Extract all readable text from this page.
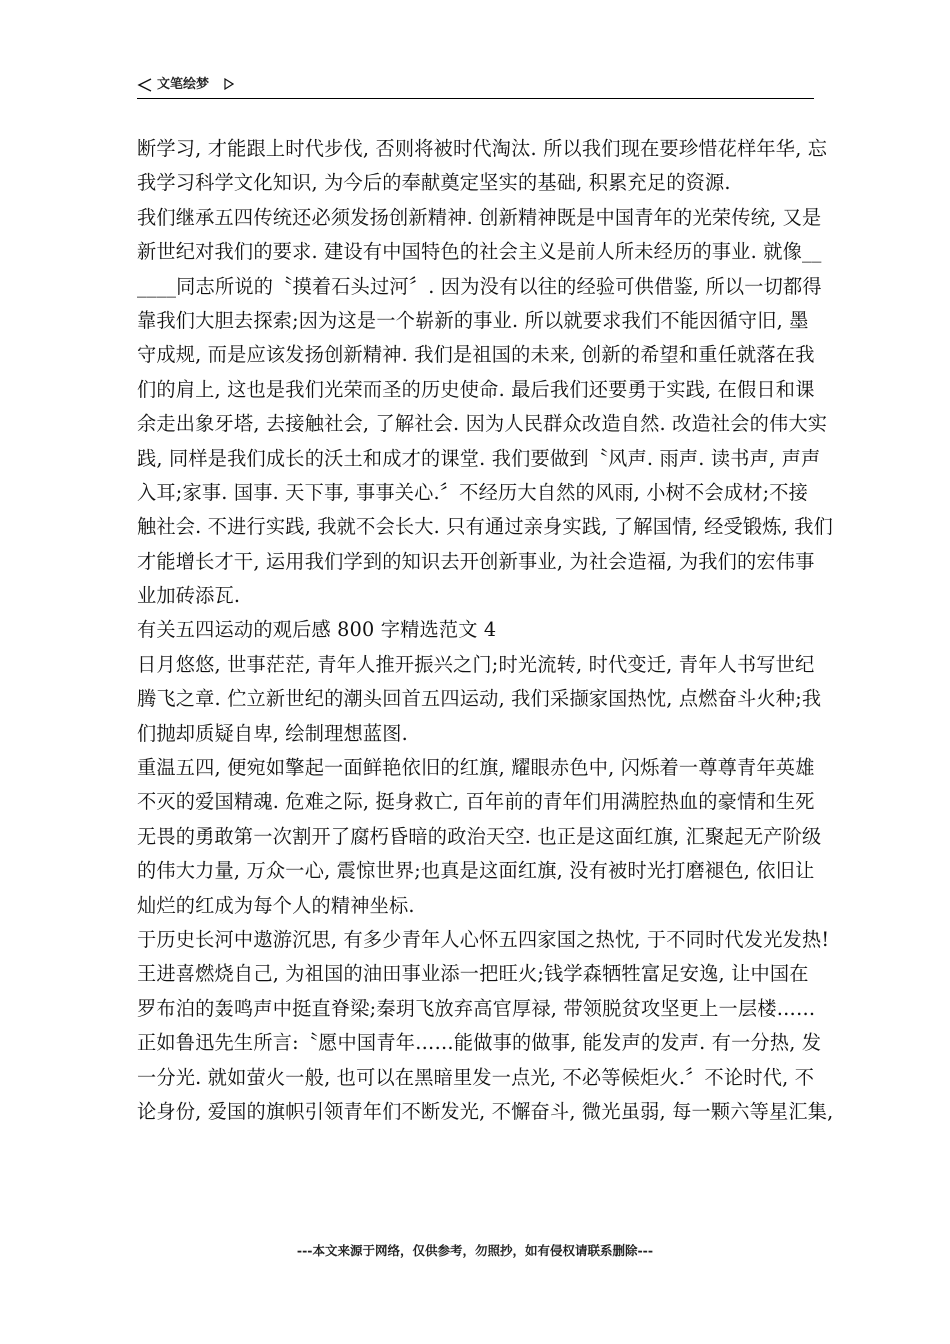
文笔绘梦
断学习, 才能跟上时代步伐, 否则将被时代淘汰. 所以我们现在要珍惜花样年华, 忘
我学习科学文化知识, 为今后的奉献奠定坚实的基础, 积累充足的资源.
我们继承五四传统还必须发扬创新精神. 创新精神既是中国青年的光荣传统, 又是
新世纪对我们的要求. 建设有中国特色的社会主义是前人所未经历的事业. 就像__
____同志所说的〝摸着石头过河〞. 因为没有以往的经验可供借鉴, 所以一切都得
靠我们大胆去探索;因为这是一个崭新的事业. 所以就要求我们不能因循守旧, 墨
守成规, 而是应该发扬创新精神. 我们是祖国的未来, 创新的希望和重任就落在我
们的肩上, 这也是我们光荣而圣的历史使命. 最后我们还要勇于实践, 在假日和课
余走出象牙塔, 去接触社会, 了解社会. 因为人民群众改造自然. 改造社会的伟大实
践, 同样是我们成长的沃土和成才的课堂. 我们要做到〝风声. 雨声. 读书声, 声声
入耳;家事. 国事. 天下事, 事事关心.〞不经历大自然的风雨, 小树不会成材;不接
触社会. 不进行实践, 我就不会长大. 只有通过亲身实践, 了解国情, 经受锻炼, 我们
才能增长才干, 运用我们学到的知识去开创新事业, 为社会造福, 为我们的宏伟事
业加砖添瓦.
有关五四运动的观后感 800 字精选范文 4
日月悠悠, 世事茫茫, 青年人推开振兴之门;时光流转, 时代变迁, 青年人书写世纪
腾飞之章. 伫立新世纪的潮头回首五四运动, 我们采撷家国热忱, 点燃奋斗火种;我
们抛却质疑自卑, 绘制理想蓝图.
重温五四, 便宛如擎起一面鲜艳依旧的红旗, 耀眼赤色中, 闪烁着一尊尊青年英雄
不灭的爱国精魂. 危难之际, 挺身救亡, 百年前的青年们用满腔热血的豪情和生死
无畏的勇敢第一次割开了腐朽昏暗的政治天空. 也正是这面红旗, 汇聚起无产阶级
的伟大力量, 万众一心, 震惊世界;也真是这面红旗, 没有被时光打磨褪色, 依旧让
灿烂的红成为每个人的精神坐标.
于历史长河中遨游沉思, 有多少青年人心怀五四家国之热忱, 于不同时代发光发热!
王进喜燃烧自己, 为祖国的油田事业添一把旺火;钱学森牺牲富足安逸, 让中国在
罗布泊的轰鸣声中挺直脊梁;秦玥飞放弃高官厚禄, 带领脱贫攻坚更上一层楼……
正如鲁迅先生所言:〝愿中国青年……能做事的做事, 能发声的发声. 有一分热, 发
一分光. 就如萤火一般, 也可以在黑暗里发一点光, 不必等候炬火.〞不论时代, 不
论身份, 爱国的旗帜引领青年们不断发光, 不懈奋斗, 微光虽弱, 每一颗六等星汇集,
---本文来源于网络，仅供参考，勿照抄，如有侵权请联系删除---
